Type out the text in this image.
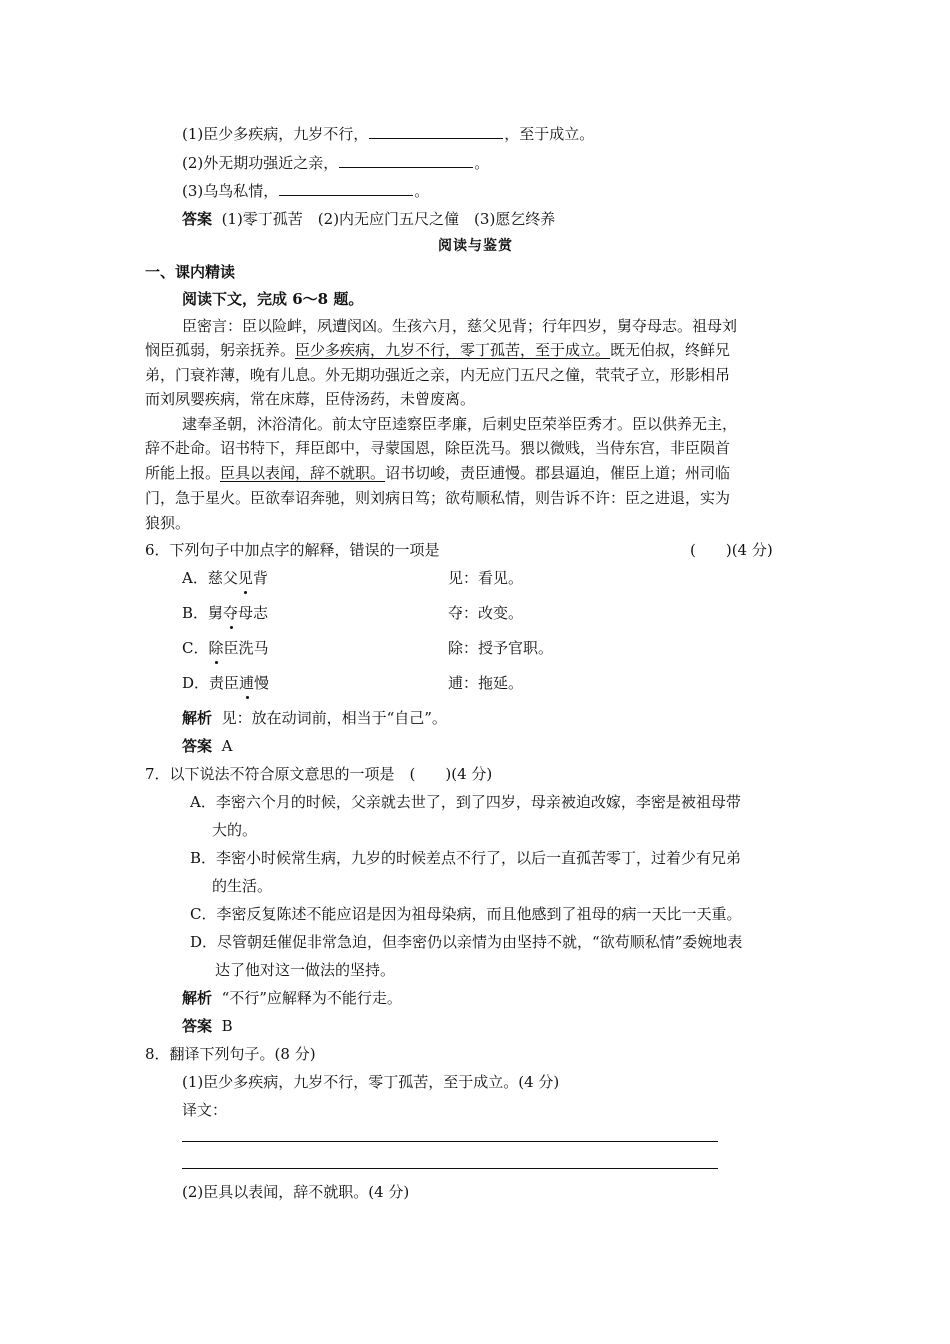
(1)臣少多疾病，九岁不行，	，至于成立。
(2)外无期功强近之亲，	。
(3)乌鸟私情，	。
答案 (1)零丁孤苦　(2)内无应门五尺之僮　(3)愿乞终养
阅读与鉴赏
一、课内精读
阅读下文，完成 6～8 题。
臣密言：臣以险衅，夙遭闵凶。生孩六月，慈父见背；行年四岁，舅夺母志。祖母刘
悯臣孤弱，躬亲抚养。臣少多疾病，九岁不行，零丁孤苦，至于成立。既无伯叔，终鲜兄
弟，门衰祚薄，晚有儿息。外无期功强近之亲，内无应门五尺之僮，茕茕孑立，形影相吊
而刘夙婴疾病，常在床蓐，臣侍汤药，未曾废离。
逮奉圣朝，沐浴清化。前太守臣逵察臣孝廉，后刺史臣荣举臣秀才。臣以供养无主，
辞不赴命。诏书特下，拜臣郎中，寻蒙国恩，除臣洗马。猥以微贱，当侍东宫，非臣陨首
所能上报。臣具以表闻，辞不就职。诏书切峻，责臣逋慢。郡县逼迫，催臣上道；州司临
门，急于星火。臣欲奉诏奔驰，则刘病日笃；欲苟顺私情，则告诉不许：臣之进退，实为
狼狈。
6．下列句子中加点字的解释，错误的一项是	(　　)(4 分)
A．慈父见背	见：看见。
B．舅夺母志	夺：改变。
C．除臣洗马	除：授予官职。
D．责臣逋慢	逋：拖延。
解析 见：放在动词前，相当于“自己”。
答案 A
7．以下说法不符合原文意思的一项是　(　　)(4 分)
A．李密六个月的时候，父亲就去世了，到了四岁，母亲被迫改嫁，李密是被祖母带
大的。
B．李密小时候常生病，九岁的时候差点不行了，以后一直孤苦零丁，过着少有兄弟
的生活。
C．李密反复陈述不能应诏是因为祖母染病，而且他感到了祖母的病一天比一天重。
D．尽管朝廷催促非常急迫，但李密仍以亲情为由坚持不就，“欲苟顺私情”委婉地表
达了他对这一做法的坚持。
解析 “不行”应解释为不能行走。
答案 B
8．翻译下列句子。(8 分)
(1)臣少多疾病，九岁不行，零丁孤苦，至于成立。(4 分)
译文：
(2)臣具以表闻，辞不就职。(4 分)
